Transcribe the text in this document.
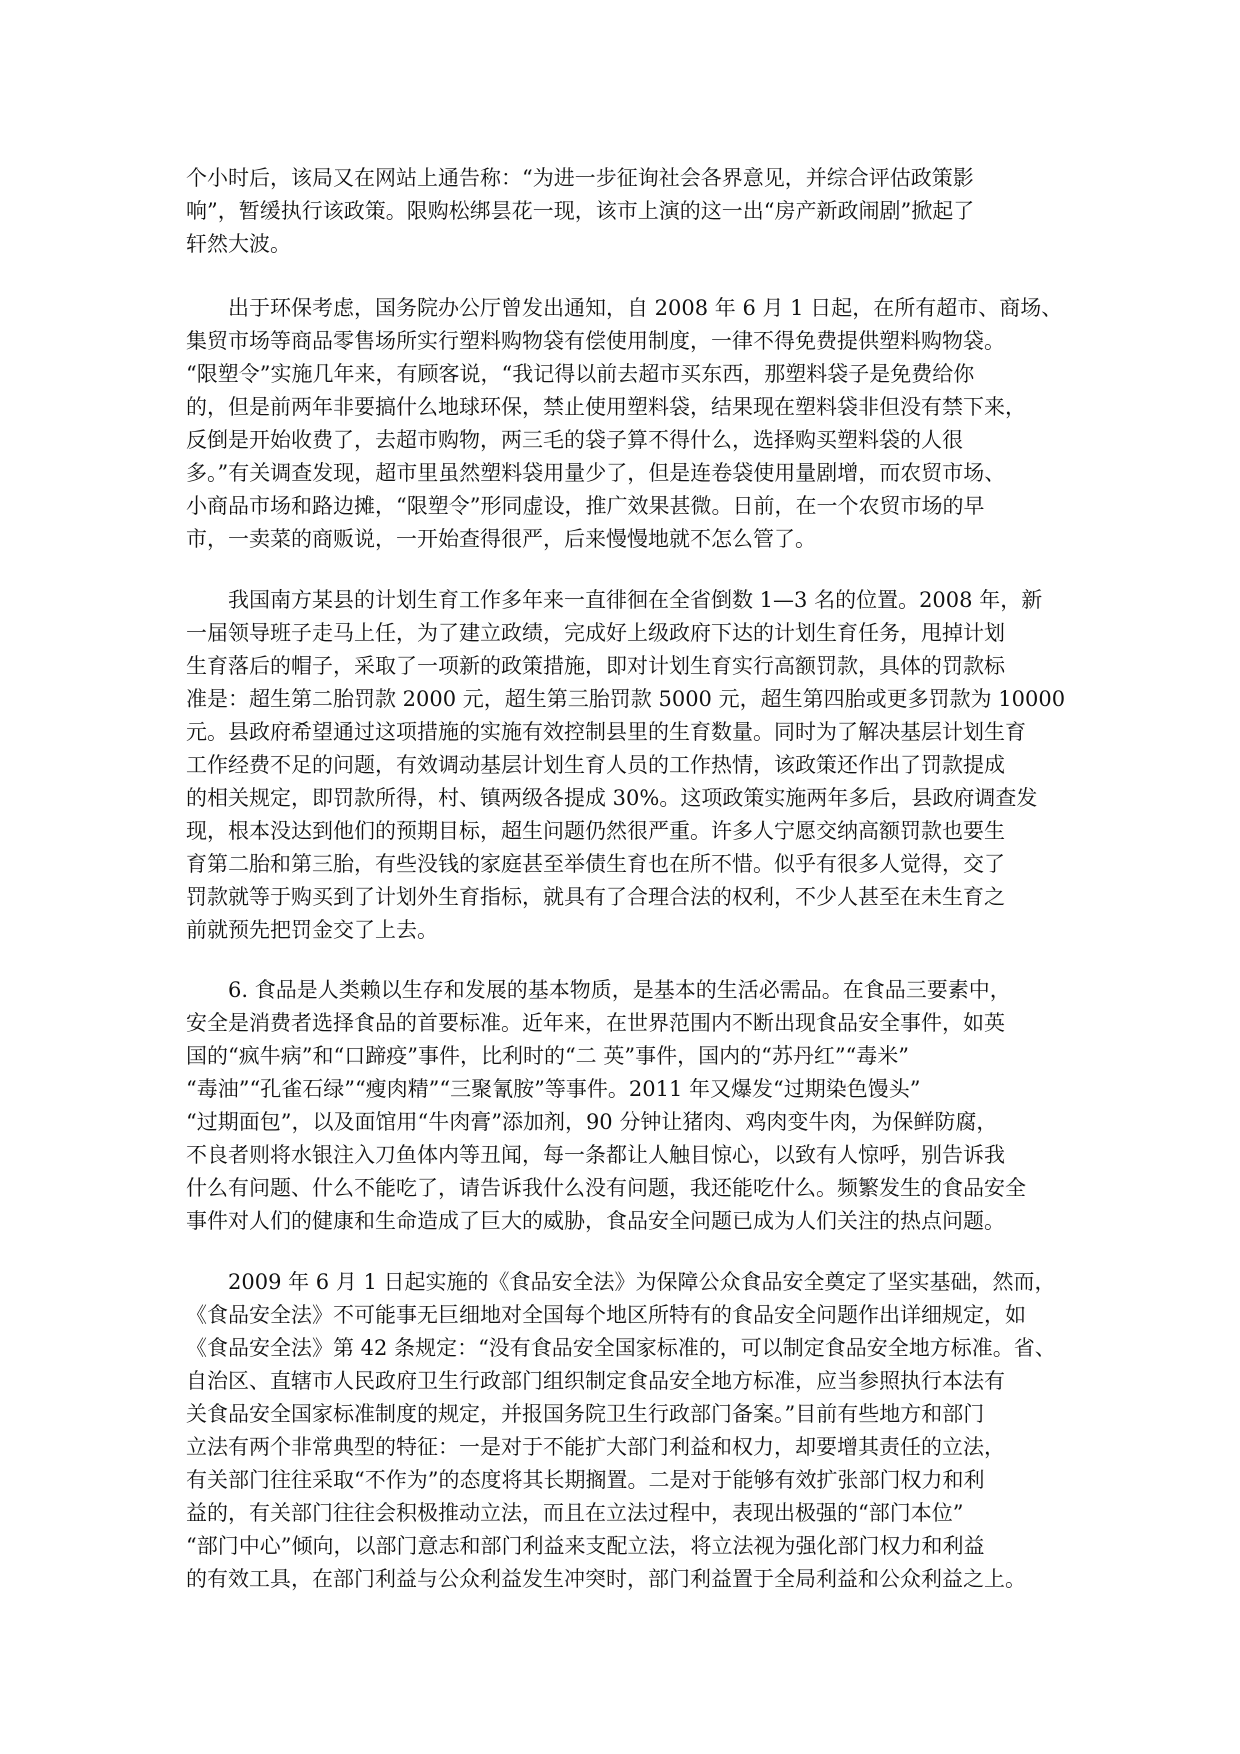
个小时后，该局又在网站上通告称：“为进一步征询社会各界意见，并综合评估政策影
响”，暂缓执行该政策。限购松绑昙花一现，该市上演的这一出“房产新政闹剧”掀起了
轩然大波。

出于环保考虑，国务院办公厅曾发出通知，自 2008 年 6 月 1 日起，在所有超市、商场、
集贸市场等商品零售场所实行塑料购物袋有偿使用制度，一律不得免费提供塑料购物袋。
“限塑令”实施几年来，有顾客说，“我记得以前去超市买东西，那塑料袋子是免费给你
的，但是前两年非要搞什么地球环保，禁止使用塑料袋，结果现在塑料袋非但没有禁下来，
反倒是开始收费了，去超市购物，两三毛的袋子算不得什么，选择购买塑料袋的人很
多。”有关调查发现，超市里虽然塑料袋用量少了，但是连卷袋使用量剧增，而农贸市场、
小商品市场和路边摊，“限塑令”形同虚设，推广效果甚微。日前，在一个农贸市场的早
市，一卖菜的商贩说，一开始查得很严，后来慢慢地就不怎么管了。

我国南方某县的计划生育工作多年来一直徘徊在全省倒数 1—3 名的位置。2008 年，新
一届领导班子走马上任，为了建立政绩，完成好上级政府下达的计划生育任务，甩掉计划
生育落后的帽子，采取了一项新的政策措施，即对计划生育实行高额罚款，具体的罚款标
准是：超生第二胎罚款 2000 元，超生第三胎罚款 5000 元，超生第四胎或更多罚款为 10000
元。县政府希望通过这项措施的实施有效控制县里的生育数量。同时为了解决基层计划生育
工作经费不足的问题，有效调动基层计划生育人员的工作热情，该政策还作出了罚款提成
的相关规定，即罚款所得，村、镇两级各提成 30%。这项政策实施两年多后，县政府调查发
现，根本没达到他们的预期目标，超生问题仍然很严重。许多人宁愿交纳高额罚款也要生
育第二胎和第三胎，有些没钱的家庭甚至举债生育也在所不惜。似乎有很多人觉得，交了
罚款就等于购买到了计划外生育指标，就具有了合理合法的权利，不少人甚至在未生育之
前就预先把罚金交了上去。

6. 食品是人类赖以生存和发展的基本物质，是基本的生活必需品。在食品三要素中，
安全是消费者选择食品的首要标准。近年来，在世界范围内不断出现食品安全事件，如英
国的“疯牛病”和“口蹄疫”事件，比利时的“二 英”事件，国内的“苏丹红”“毒米”
“毒油”“孔雀石绿”“瘦肉精”“三聚氰胺”等事件。2011 年又爆发“过期染色馒头”
“过期面包”，以及面馆用“牛肉膏”添加剂，90 分钟让猪肉、鸡肉变牛肉，为保鲜防腐，
不良者则将水银注入刀鱼体内等丑闻，每一条都让人触目惊心，以致有人惊呼，别告诉我
什么有问题、什么不能吃了，请告诉我什么没有问题，我还能吃什么。频繁发生的食品安全
事件对人们的健康和生命造成了巨大的威胁，食品安全问题已成为人们关注的热点问题。

2009 年 6 月 1 日起实施的《食品安全法》为保障公众食品安全奠定了坚实基础，然而，
《食品安全法》不可能事无巨细地对全国每个地区所特有的食品安全问题作出详细规定，如
《食品安全法》第 42 条规定：“没有食品安全国家标准的，可以制定食品安全地方标准。省、
自治区、直辖市人民政府卫生行政部门组织制定食品安全地方标准，应当参照执行本法有
关食品安全国家标准制度的规定，并报国务院卫生行政部门备案。”目前有些地方和部门
立法有两个非常典型的特征：一是对于不能扩大部门利益和权力，却要增其责任的立法，
有关部门往往采取“不作为”的态度将其长期搁置。二是对于能够有效扩张部门权力和利
益的，有关部门往往会积极推动立法，而且在立法过程中，表现出极强的“部门本位”
“部门中心”倾向，以部门意志和部门利益来支配立法，将立法视为强化部门权力和利益
的有效工具，在部门利益与公众利益发生冲突时，部门利益置于全局利益和公众利益之上。
